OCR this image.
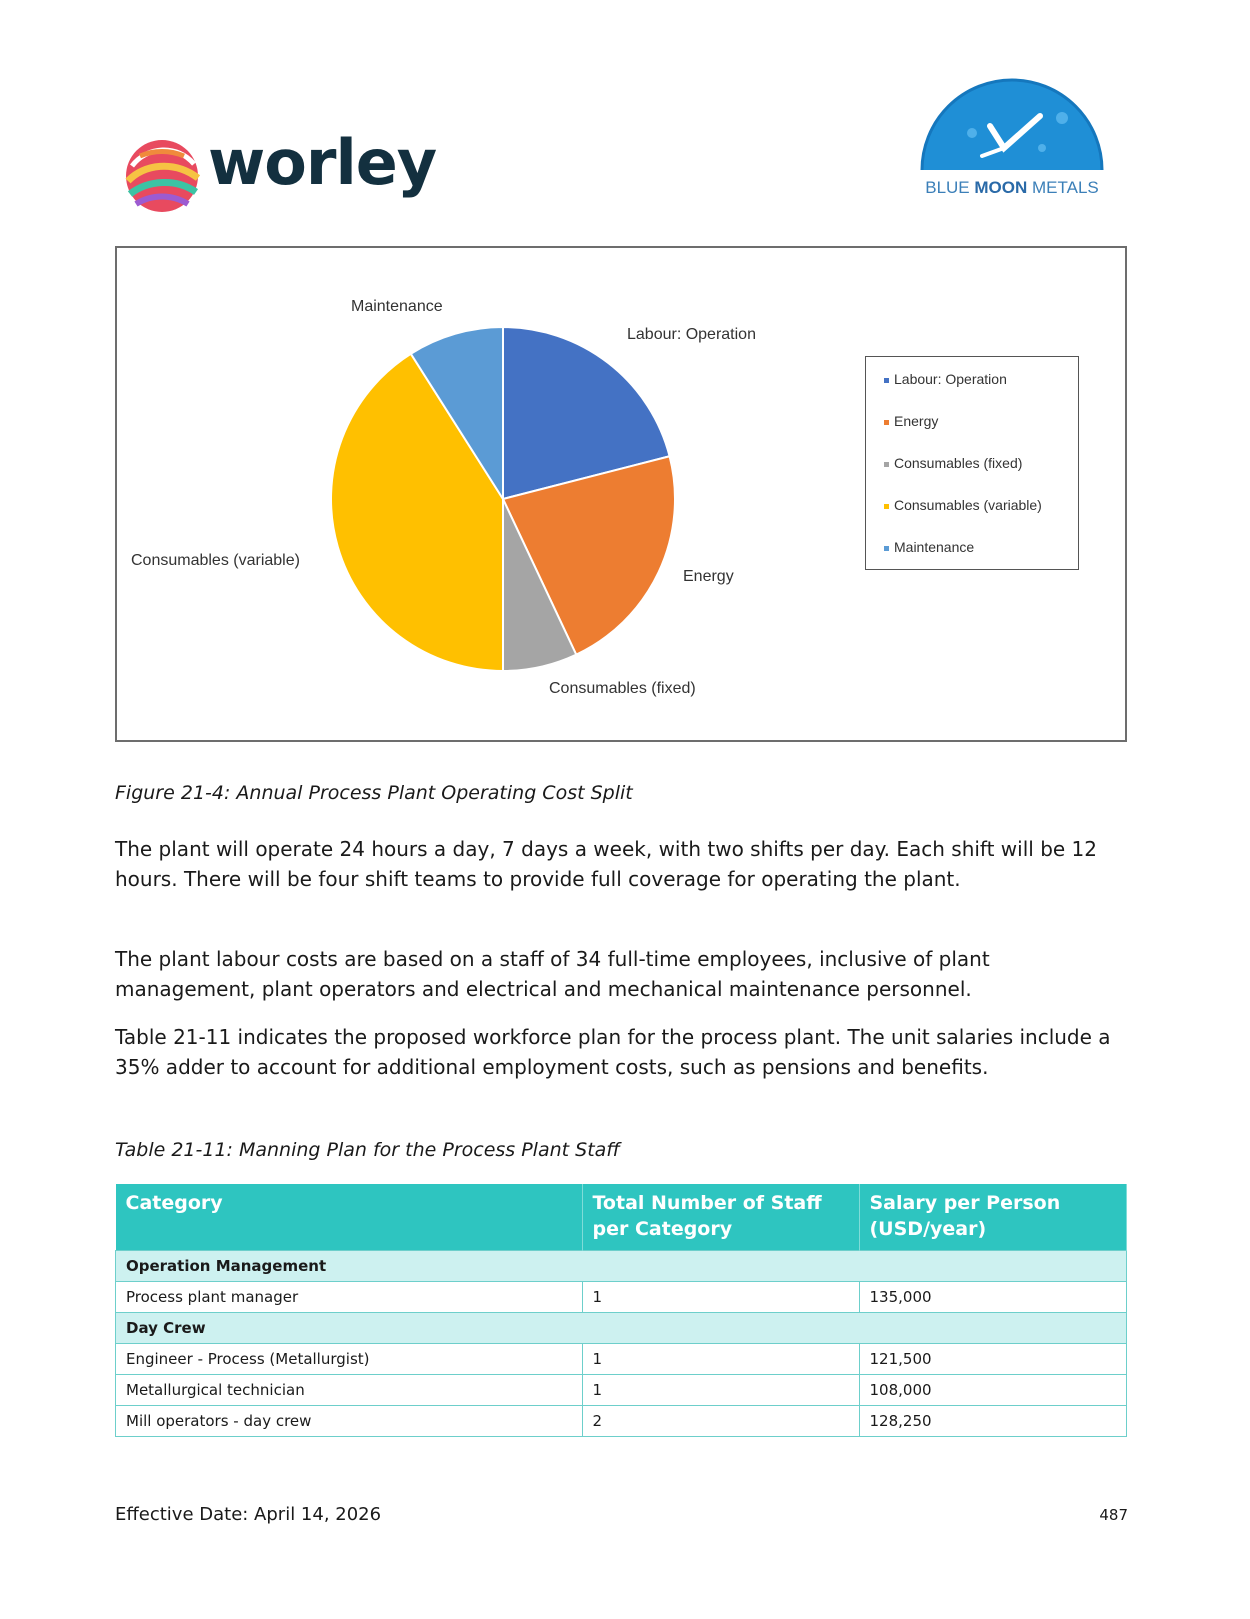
worley	BLUE MOON METALS
Labour: Operation
Energy
Consumables (fixed)
Consumables (variable)
Maintenance
Labour: Operation
Energy
Consumables (fixed)
Consumables (variable)
Maintenance
Figure 21-4: Annual Process Plant Operating Cost Split

The plant will operate 24 hours a day, 7 days a week, with two shifts per day. Each shift will be 12 hours. There will be four shift teams to provide full coverage for operating the plant.

The plant labour costs are based on a staff of 34 full-time employees, inclusive of plant management, plant operators and electrical and mechanical maintenance personnel.

Table 21-11 indicates the proposed workforce plan for the process plant. The unit salaries include a 35% adder to account for additional employment costs, such as pensions and benefits.

Table 21-11: Manning Plan for the Process Plant Staff
Category	Total Number of Staff per Category	Salary per Person (USD/year)
Operation Management		
Process plant manager	1	135,000
Day Crew		
Engineer - Process (Metallurgist)	1	121,500
Metallurgical technician	1	108,000
Mill operators - day crew	2	128,250
Effective Date: April 14, 2026	487
